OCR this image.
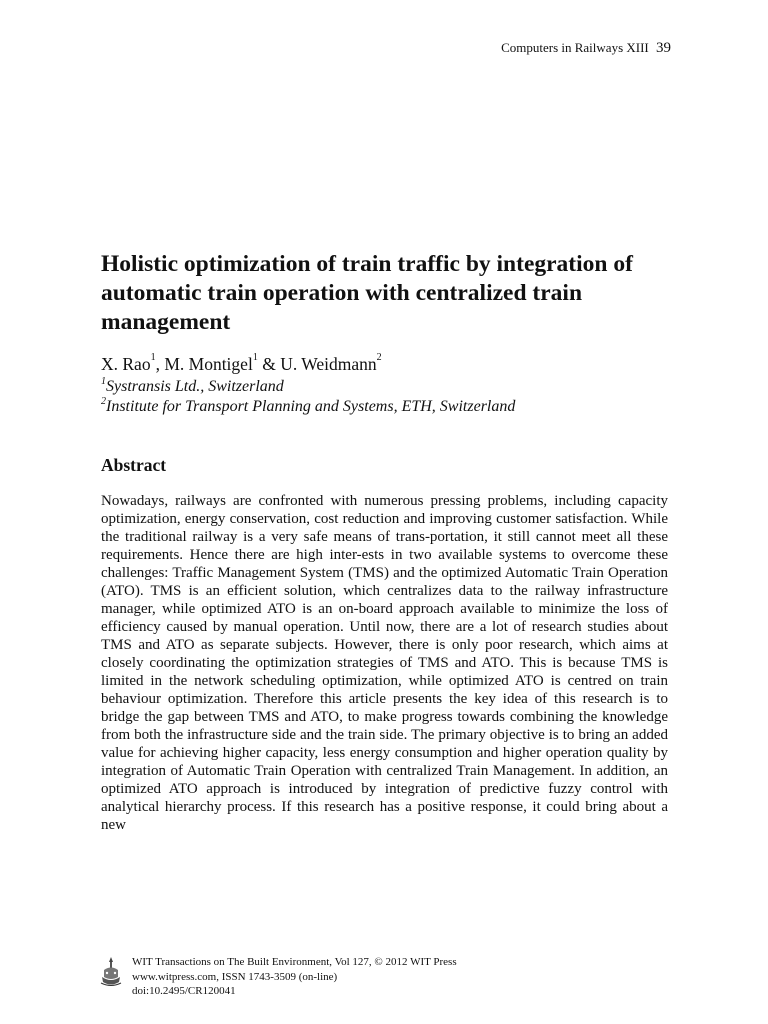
Computers in Railways XIII 39
Holistic optimization of train traffic by integration of automatic train operation with centralized train management

X. Rao$^1$, M. Montigel$^1$ & U. Weidmann$^2$

$^1$Systransis Ltd., Switzerland

$^2$Institute for Transport Planning and Systems, ETH, Switzerland

Abstract

Nowadays, railways are confronted with numerous pressing problems, including capacity optimization, energy conservation, cost reduction and improving customer satisfaction. While the traditional railway is a very safe means of trans-portation, it still cannot meet all these requirements. Hence there are high inter-ests in two available systems to overcome these challenges: Traffic Management System (TMS) and the optimized Automatic Train Operation (ATO). TMS is an efficient solution, which centralizes data to the railway infrastructure manager, while optimized ATO is an on-board approach available to minimize the loss of efficiency caused by manual operation. Until now, there are a lot of research studies about TMS and ATO as separate subjects. However, there is only poor research, which aims at closely coordinating the optimization strategies of TMS and ATO. This is because TMS is limited in the network scheduling optimization, while optimized ATO is centred on train behaviour optimization. Therefore this article presents the key idea of this research is to bridge the gap between TMS and ATO, to make progress towards combining the knowledge from both the infrastructure side and the train side. The primary objective is to bring an added value for achieving higher capacity, less energy consumption and higher operation quality by integration of Automatic Train Operation with centralized Train Management. In addition, an optimized ATO approach is introduced by integration of predictive fuzzy control with analytical hierarchy process. If this research has a positive response, it could bring about a new

WIT Transactions on The Built Environment, Vol 127, © 2012 WIT Press
www.witpress.com, ISSN 1743-3509 (on-line)
doi:10.2495/CR120041
